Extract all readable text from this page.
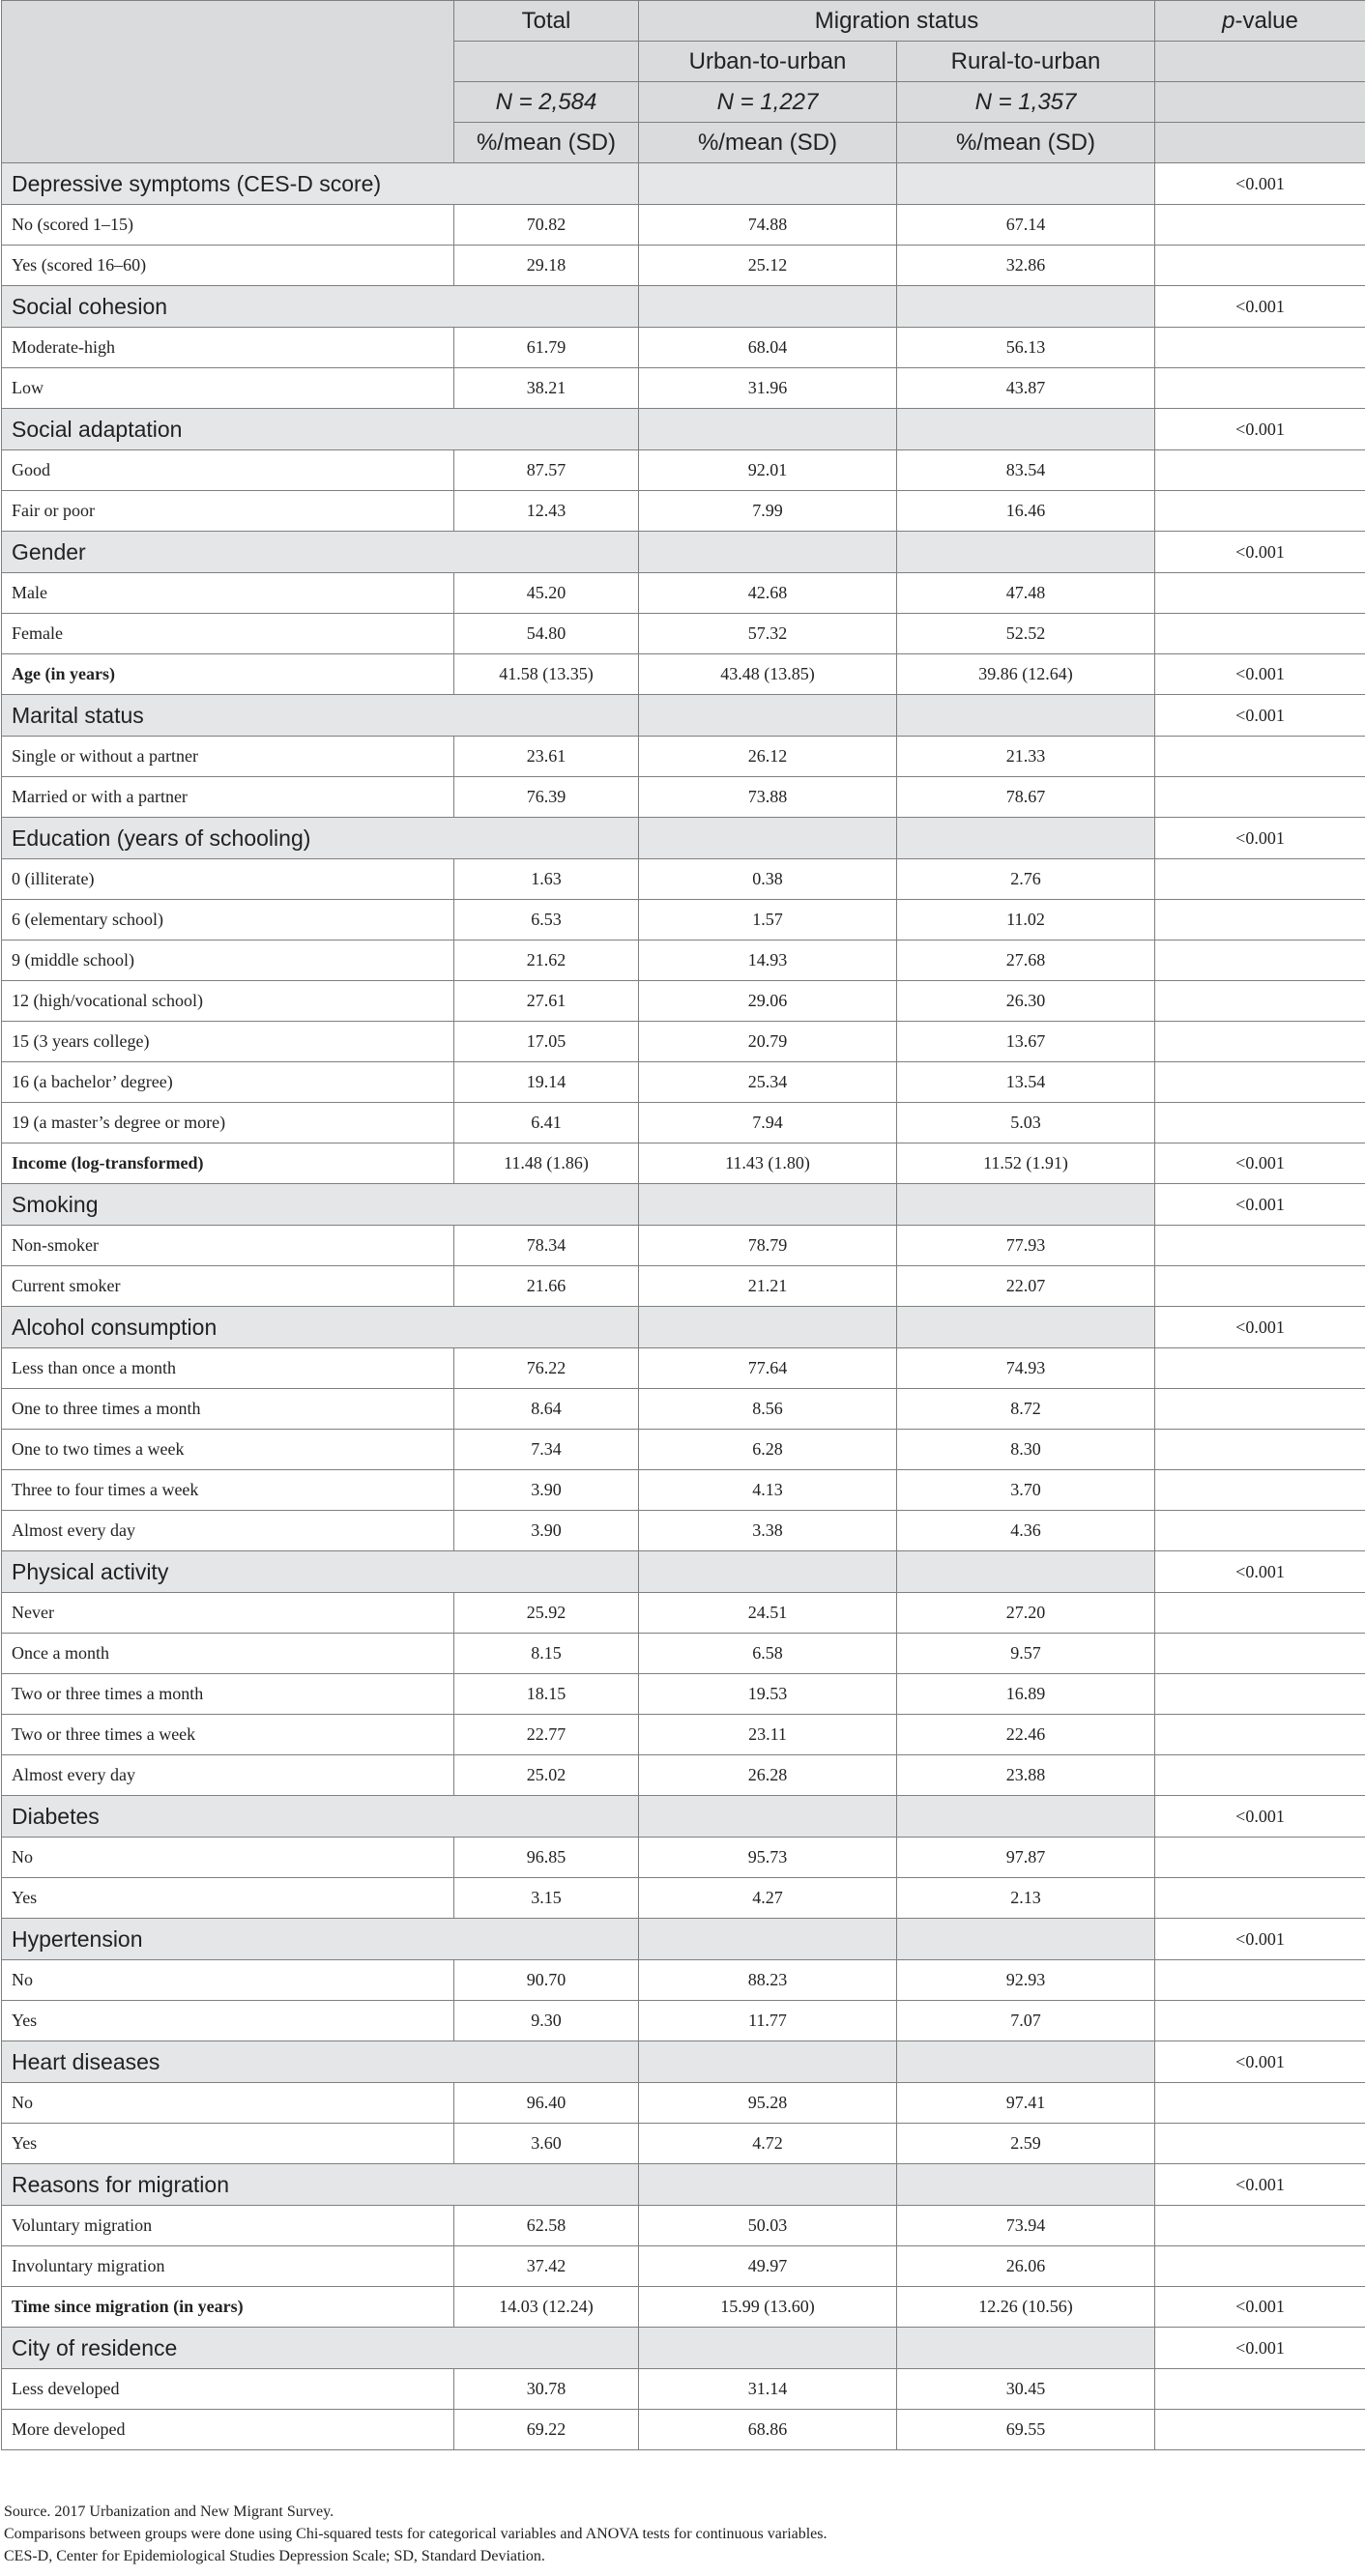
	Total	Migration status		p-value
		Urban-to-urban	Rural-to-urban	
	N = 2,584	N = 1,227	N = 1,357	
	%/mean (SD)	%/mean (SD)	%/mean (SD)	
Depressive symptoms (CES-D score)				<0.001
No (scored 1–15)	70.82	74.88	67.14	
Yes (scored 16–60)	29.18	25.12	32.86	
Social cohesion				<0.001
Moderate-high	61.79	68.04	56.13	
Low	38.21	31.96	43.87	
Social adaptation				<0.001
Good	87.57	92.01	83.54	
Fair or poor	12.43	7.99	16.46	
Gender				<0.001
Male	45.20	42.68	47.48	
Female	54.80	57.32	52.52	
Age (in years)	41.58 (13.35)	43.48 (13.85)	39.86 (12.64)	<0.001
Marital status				<0.001
Single or without a partner	23.61	26.12	21.33	
Married or with a partner	76.39	73.88	78.67	
Education (years of schooling)				<0.001
0 (illiterate)	1.63	0.38	2.76	
6 (elementary school)	6.53	1.57	11.02	
9 (middle school)	21.62	14.93	27.68	
12 (high/vocational school)	27.61	29.06	26.30	
15 (3 years college)	17.05	20.79	13.67	
16 (a bachelor’ degree)	19.14	25.34	13.54	
19 (a master’s degree or more)	6.41	7.94	5.03	
Income (log-transformed)	11.48 (1.86)	11.43 (1.80)	11.52 (1.91)	<0.001
Smoking				<0.001
Non-smoker	78.34	78.79	77.93	
Current smoker	21.66	21.21	22.07	
Alcohol consumption				<0.001
Less than once a month	76.22	77.64	74.93	
One to three times a month	8.64	8.56	8.72	
One to two times a week	7.34	6.28	8.30	
Three to four times a week	3.90	4.13	3.70	
Almost every day	3.90	3.38	4.36	
Physical activity				<0.001
Never	25.92	24.51	27.20	
Once a month	8.15	6.58	9.57	
Two or three times a month	18.15	19.53	16.89	
Two or three times a week	22.77	23.11	22.46	
Almost every day	25.02	26.28	23.88	
Diabetes				<0.001
No	96.85	95.73	97.87	
Yes	3.15	4.27	2.13	
Hypertension				<0.001
No	90.70	88.23	92.93	
Yes	9.30	11.77	7.07	
Heart diseases				<0.001
No	96.40	95.28	97.41	
Yes	3.60	4.72	2.59	
Reasons for migration				<0.001
Voluntary migration	62.58	50.03	73.94	
Involuntary migration	37.42	49.97	26.06	
Time since migration (in years)	14.03 (12.24)	15.99 (13.60)	12.26 (10.56)	<0.001
City of residence				<0.001
Less developed	30.78	31.14	30.45	
More developed	69.22	68.86	69.55	
Source. 2017 Urbanization and New Migrant Survey.
Comparisons between groups were done using Chi-squared tests for categorical variables and ANOVA tests for continuous variables.
CES-D, Center for Epidemiological Studies Depression Scale; SD, Standard Deviation.
